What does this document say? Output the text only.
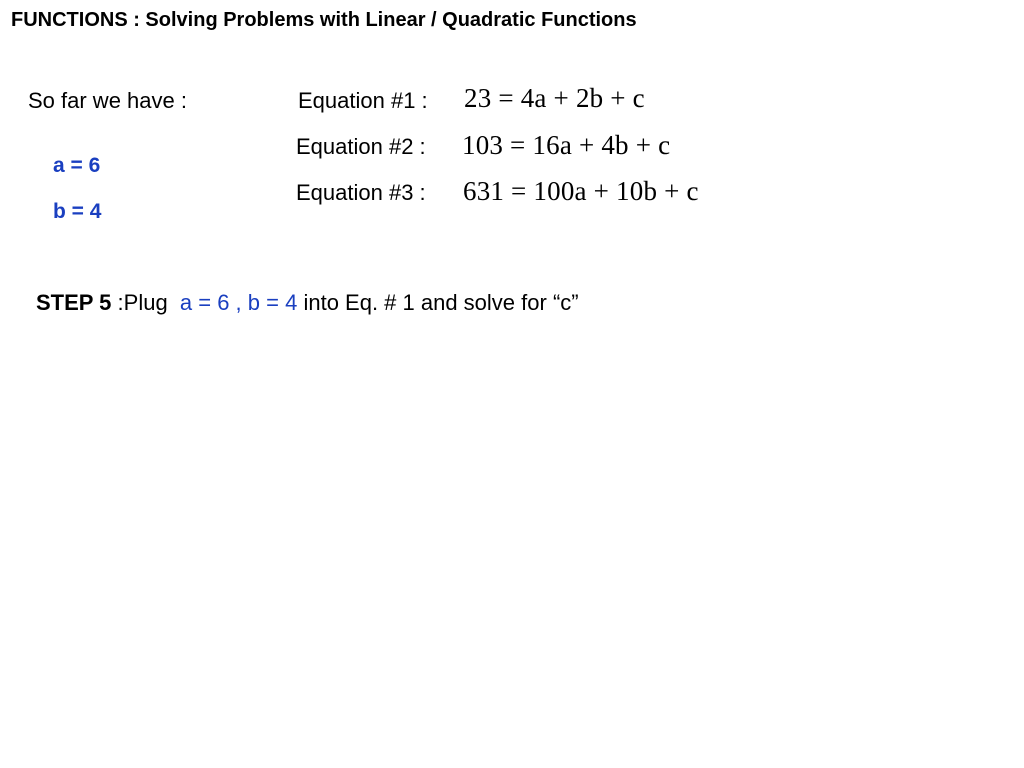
FUNCTIONS : Solving Problems with Linear / Quadratic Functions
So far we have :
a = 6
b = 4
Equation #1 : 23 = 4a + 2b + c
Equation #2 : 103 = 16a + 4b + c
Equation #3 : 631 = 100a + 10b + c
STEP 5 :Plug  a = 6 , b = 4 into Eq. # 1 and solve for “c”
